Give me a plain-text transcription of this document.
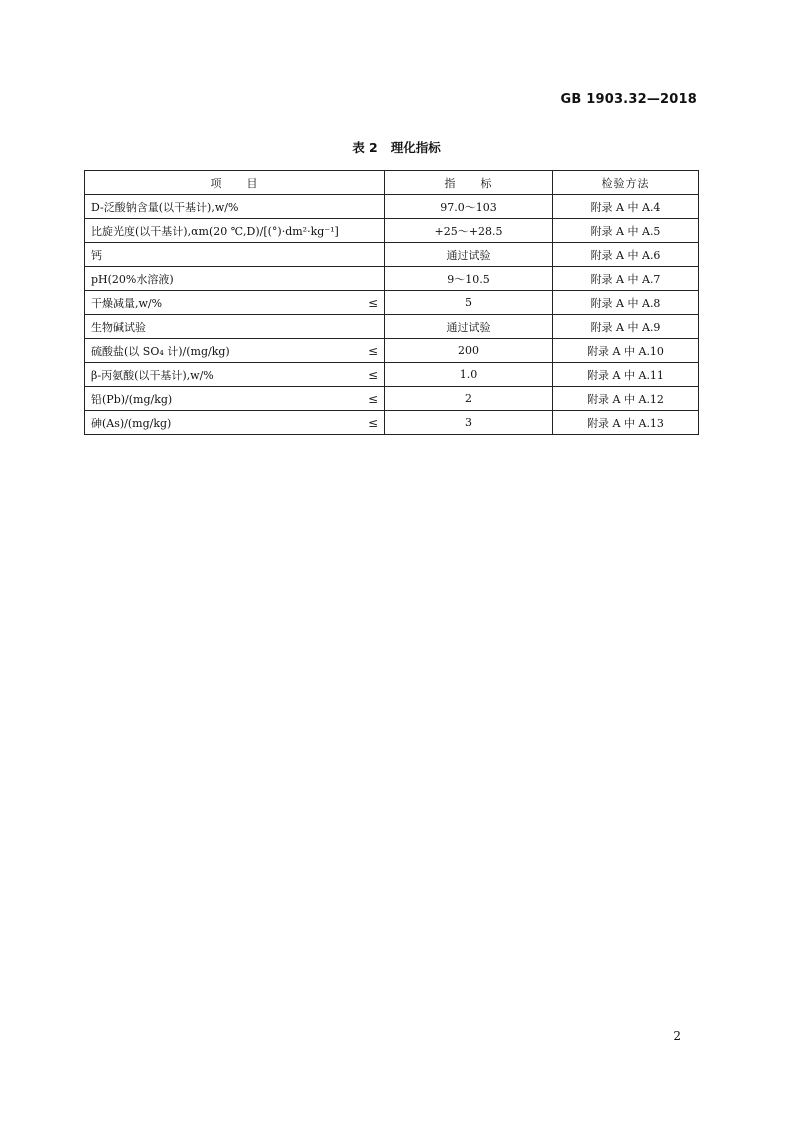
GB 1903.32—2018
表 2   理化指标
项　　目	指　　标	检验方法
D-泛酸钠含量(以干基计),w/%	97.0～103	附录 A 中 A.4
比旋光度(以干基计),αm(20 ℃,D)/[(°)·dm²·kg⁻¹]	+25～+28.5	附录 A 中 A.5
钙	通过试验	附录 A 中 A.6
pH(20%水溶液)	9～10.5	附录 A 中 A.7
干燥减量,w/% ≤	5	附录 A 中 A.8
生物碱试验	通过试验	附录 A 中 A.9
硫酸盐(以 SO₄ 计)/(mg/kg) ≤	200	附录 A 中 A.10
β-丙氨酸(以干基计),w/% ≤	1.0	附录 A 中 A.11
铅(Pb)/(mg/kg) ≤	2	附录 A 中 A.12
砷(As)/(mg/kg) ≤	3	附录 A 中 A.13
2
